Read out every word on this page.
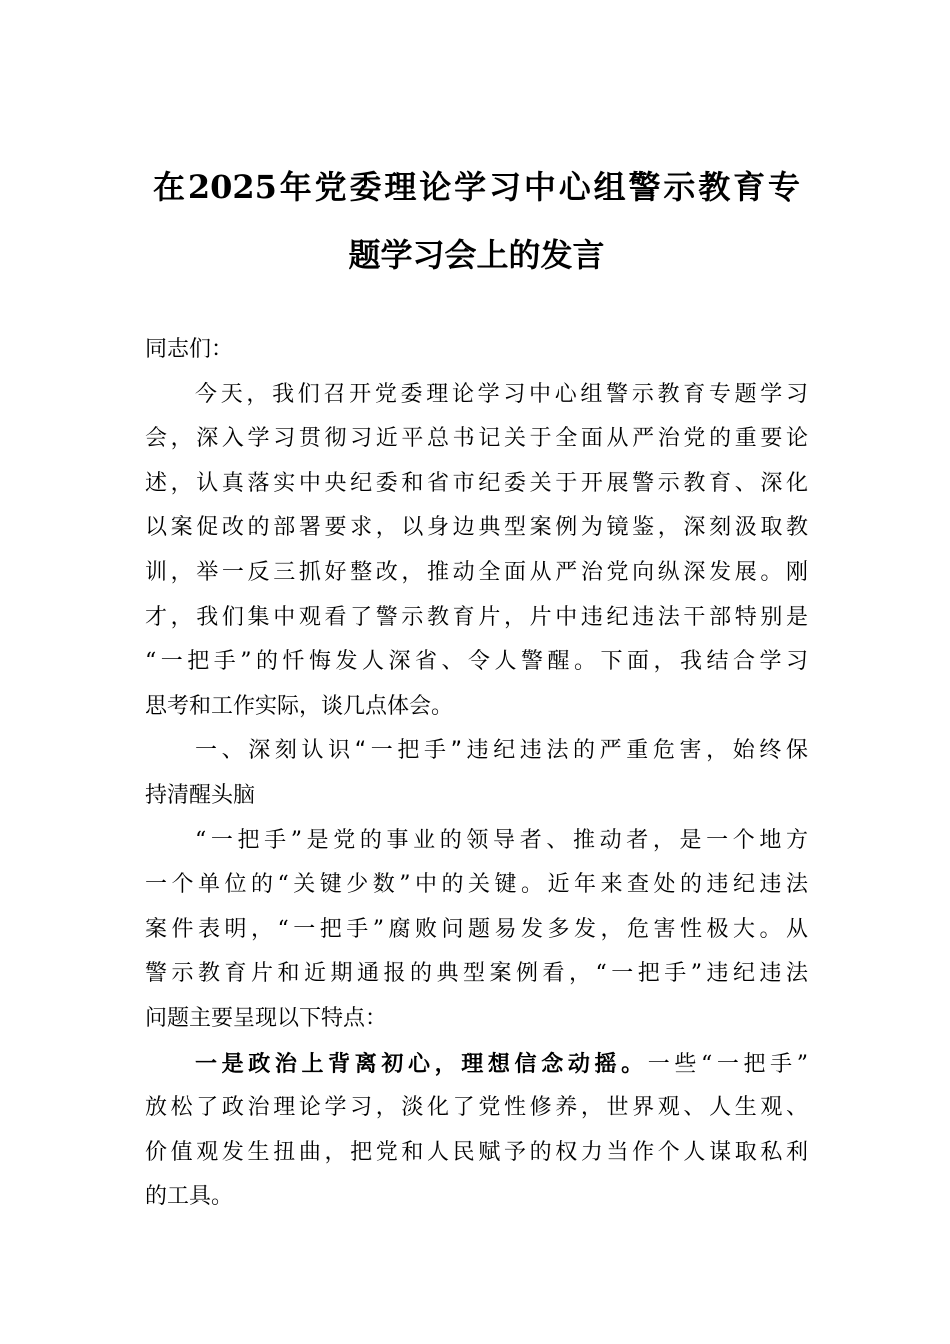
在2025年党委理论学习中心组警示教育专
题学习会上的发言
同志们：
今天，我们召开党委理论学习中心组警示教育专题学习
会，深入学习贯彻习近平总书记关于全面从严治党的重要论
述，认真落实中央纪委和省市纪委关于开展警示教育、深化
以案促改的部署要求，以身边典型案例为镜鉴，深刻汲取教
训，举一反三抓好整改，推动全面从严治党向纵深发展。刚
才，我们集中观看了警示教育片，片中违纪违法干部特别是
“一把手”的忏悔发人深省、令人警醒。下面，我结合学习
思考和工作实际，谈几点体会。
一、深刻认识“一把手”违纪违法的严重危害，始终保
持清醒头脑
“一把手”是党的事业的领导者、推动者，是一个地方
一个单位的“关键少数”中的关键。近年来查处的违纪违法
案件表明，“一把手”腐败问题易发多发，危害性极大。从
警示教育片和近期通报的典型案例看，“一把手”违纪违法
问题主要呈现以下特点：
一是政治上背离初心，理想信念动摇。一些“一把手”
放松了政治理论学习，淡化了党性修养，世界观、人生观、
价值观发生扭曲，把党和人民赋予的权力当作个人谋取私利
的工具。
